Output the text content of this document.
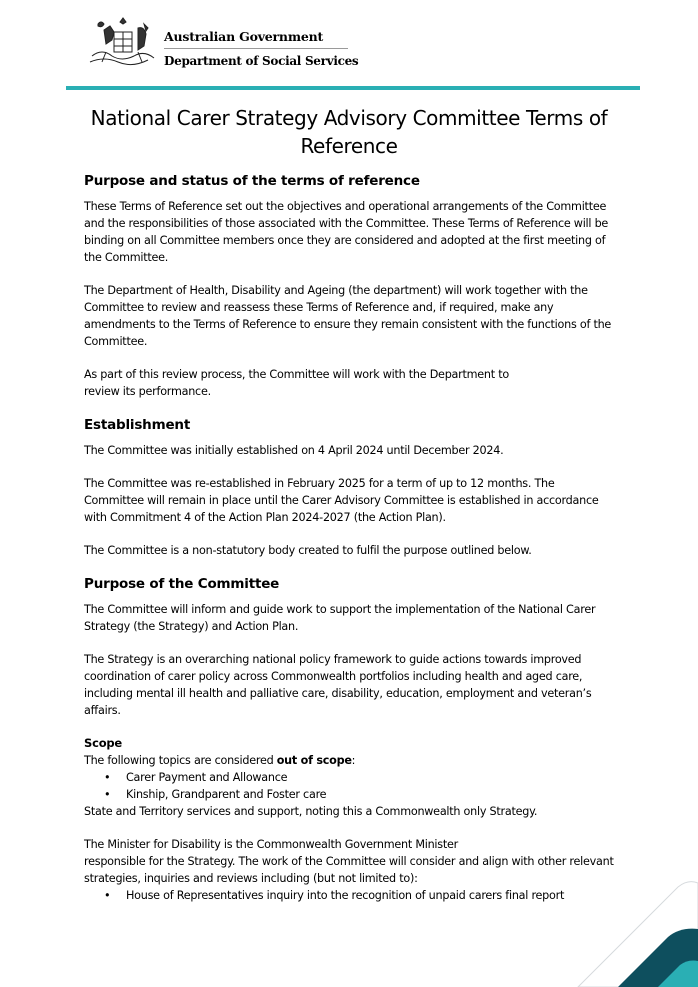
Australian Government
Department of Social Services
National Carer Strategy Advisory Committee Terms of Reference
Purpose and status of the terms of reference

These Terms of Reference set out the objectives and operational arrangements of the Committee and the responsibilities of those associated with the Committee. These Terms of Reference will be binding on all Committee members once they are considered and adopted at the first meeting of the Committee.

The Department of Health, Disability and Ageing (the department) will work together with the Committee to review and reassess these Terms of Reference and, if required, make any amendments to the Terms of Reference to ensure they remain consistent with the functions of the Committee.

As part of this review process, the Committee will work with the Department to
review its performance.

Establishment

The Committee was initially established on 4 April 2024 until December 2024.

The Committee was re-established in February 2025 for a term of up to 12 months. The Committee will remain in place until the Carer Advisory Committee is established in accordance with Commitment 4 of the Action Plan 2024-2027 (the Action Plan).

The Committee is a non-statutory body created to fulfil the purpose outlined below.

Purpose of the Committee

The Committee will inform and guide work to support the implementation of the National Carer Strategy (the Strategy) and Action Plan.

The Strategy is an overarching national policy framework to guide actions towards improved coordination of carer policy across Commonwealth portfolios including health and aged care, including mental ill health and palliative care, disability, education, employment and veteran’s affairs.

Scope

The following topics are considered out of scope:

• Carer Payment and Allowance
• Kinship, Grandparent and Foster care

State and Territory services and support, noting this a Commonwealth only Strategy.

The Minister for Disability is the Commonwealth Government Minister
responsible for the Strategy. The work of the Committee will consider and align with other relevant strategies, inquiries and reviews including (but not limited to):

• House of Representatives inquiry into the recognition of unpaid carers final report
